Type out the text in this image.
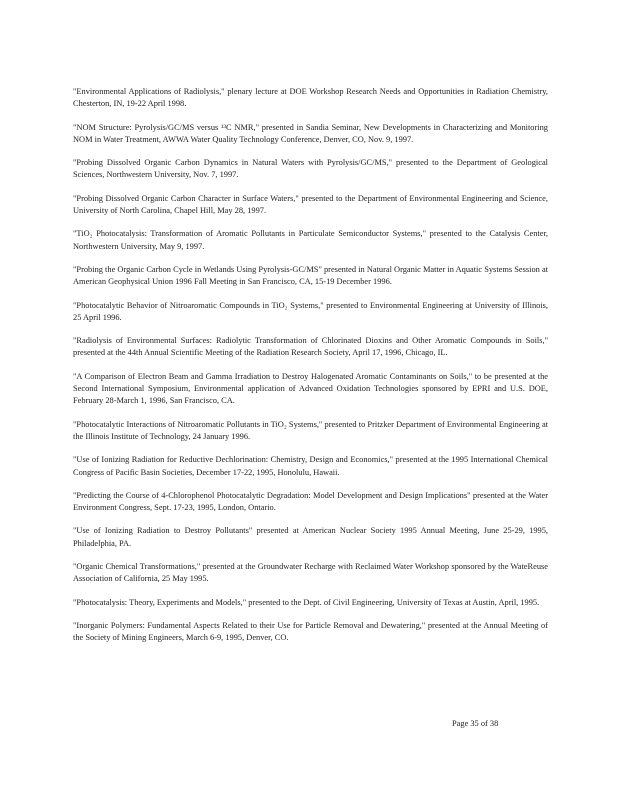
"Environmental Applications of Radiolysis," plenary lecture at DOE Workshop Research Needs and Opportunities in Radiation Chemistry, Chesterton, IN, 19-22 April 1998.

"NOM Structure: Pyrolysis/GC/MS versus ¹³C NMR," presented in Sandia Seminar, New Developments in Characterizing and Monitoring NOM in Water Treatment, AWWA Water Quality Technology Conference, Denver, CO, Nov. 9, 1997.

"Probing Dissolved Organic Carbon Dynamics in Natural Waters with Pyrolysis/GC/MS," presented to the Department of Geological Sciences, Northwestern University, Nov. 7, 1997.

"Probing Dissolved Organic Carbon Character in Surface Waters," presented to the Department of Environmental Engineering and Science, University of North Carolina, Chapel Hill, May 28, 1997.

"TiO₂ Photocatalysis: Transformation of Aromatic Pollutants in Particulate Semiconductor Systems," presented to the Catalysis Center, Northwestern University, May 9, 1997.

"Probing the Organic Carbon Cycle in Wetlands Using Pyrolysis-GC/MS" presented in Natural Organic Matter in Aquatic Systems Session at American Geophysical Union 1996 Fall Meeting in San Francisco, CA, 15-19 December 1996.

"Photocatalytic Behavior of Nitroaromatic Compounds in TiO₂ Systems," presented to Environmental Engineering at University of Illinois, 25 April 1996.

"Radiolysis of Environmental Surfaces: Radiolytic Transformation of Chlorinated Dioxins and Other Aromatic Compounds in Soils," presented at the 44th Annual Scientific Meeting of the Radiation Research Society, April 17, 1996, Chicago, IL.

"A Comparison of Electron Beam and Gamma Irradiation to Destroy Halogenated Aromatic Contaminants on Soils," to be presented at the Second International Symposium, Environmental application of Advanced Oxidation Technologies sponsored by EPRI and U.S. DOE, February 28-March 1, 1996, San Francisco, CA.

"Photocatalytic Interactions of Nitroaromatic Pollutants in TiO₂ Systems," presented to Pritzker Department of Environmental Engineering at the Illinois Institute of Technology, 24 January 1996.

"Use of Ionizing Radiation for Reductive Dechlorination: Chemistry, Design and Economics," presented at the 1995 International Chemical Congress of Pacific Basin Societies, December 17-22, 1995, Honolulu, Hawaii.

"Predicting the Course of 4-Chlorophenol Photocatalytic Degradation: Model Development and Design Implications" presented at the Water Environment Congress, Sept. 17-23, 1995, London, Ontario.

"Use of Ionizing Radiation to Destroy Pollutants" presented at American Nuclear Society 1995 Annual Meeting, June 25-29, 1995, Philadelphia, PA.

"Organic Chemical Transformations," presented at the Groundwater Recharge with Reclaimed Water Workshop sponsored by the WateReuse Association of California, 25 May 1995.

"Photocatalysis: Theory, Experiments and Models," presented to the Dept. of Civil Engineering, University of Texas at Austin, April, 1995.

"Inorganic Polymers: Fundamental Aspects Related to their Use for Particle Removal and Dewatering," presented at the Annual Meeting of the Society of Mining Engineers, March 6-9, 1995, Denver, CO.

Page 35 of 38
